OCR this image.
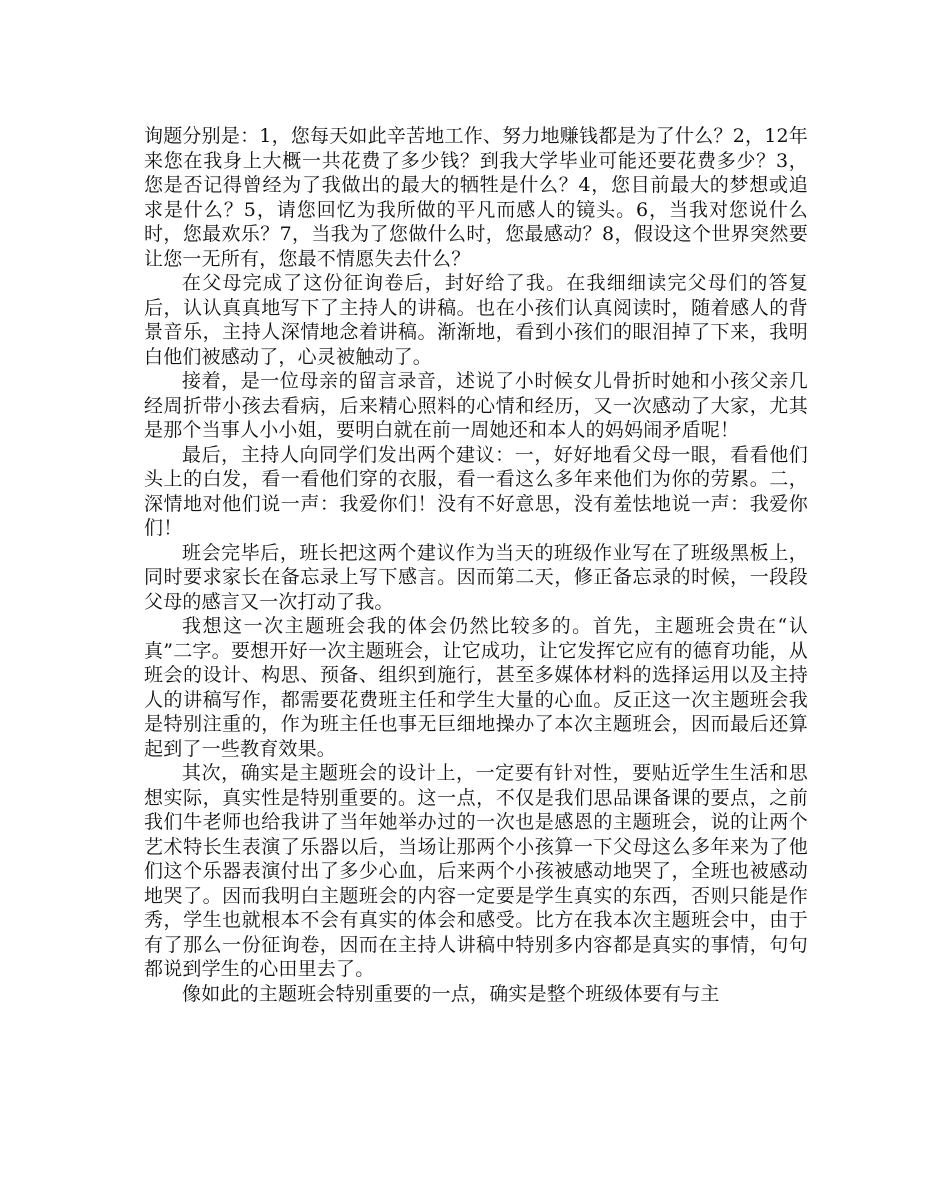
询题分别是：1，您每天如此辛苦地工作、努力地赚钱都是为了什么？2，12年来您在我身上大概一共花费了多少钱？到我大学毕业可能还要花费多少？3，您是否记得曾经为了我做出的最大的牺牲是什么？4，您目前最大的梦想或追求是什么？5，请您回忆为我所做的平凡而感人的镜头。6，当我对您说什么时，您最欢乐？7，当我为了您做什么时，您最感动？8，假设这个世界突然要让您一无所有，您最不情愿失去什么？

在父母完成了这份征询卷后，封好给了我。在我细细读完父母们的答复后，认认真真地写下了主持人的讲稿。也在小孩们认真阅读时，随着感人的背景音乐，主持人深情地念着讲稿。渐渐地，看到小孩们的眼泪掉了下来，我明白他们被感动了，心灵被触动了。

接着，是一位母亲的留言录音，述说了小时候女儿骨折时她和小孩父亲几经周折带小孩去看病，后来精心照料的心情和经历，又一次感动了大家，尤其是那个当事人小小姐，要明白就在前一周她还和本人的妈妈闹矛盾呢！

最后，主持人向同学们发出两个建议：一，好好地看父母一眼，看看他们头上的白发，看一看他们穿的衣服，看一看这么多年来他们为你的劳累。二，深情地对他们说一声：我爱你们！没有不好意思，没有羞怯地说一声：我爱你们！

班会完毕后，班长把这两个建议作为当天的班级作业写在了班级黑板上，同时要求家长在备忘录上写下感言。因而第二天，修正备忘录的时候，一段段父母的感言又一次打动了我。

我想这一次主题班会我的体会仍然比较多的。首先，主题班会贵在“认真”二字。要想开好一次主题班会，让它成功，让它发挥它应有的德育功能，从班会的设计、构思、预备、组织到施行，甚至多媒体材料的选择运用以及主持人的讲稿写作，都需要花费班主任和学生大量的心血。反正这一次主题班会我是特别注重的，作为班主任也事无巨细地操办了本次主题班会，因而最后还算起到了一些教育效果。

其次，确实是主题班会的设计上，一定要有针对性，要贴近学生生活和思想实际，真实性是特别重要的。这一点，不仅是我们思品课备课的要点，之前我们牛老师也给我讲了当年她举办过的一次也是感恩的主题班会，说的让两个艺术特长生表演了乐器以后，当场让那两个小孩算一下父母这么多年来为了他们这个乐器表演付出了多少心血，后来两个小孩被感动地哭了，全班也被感动地哭了。因而我明白主题班会的内容一定要是学生真实的东西，否则只能是作秀，学生也就根本不会有真实的体会和感受。比方在我本次主题班会中，由于有了那么一份征询卷，因而在主持人讲稿中特别多内容都是真实的事情，句句都说到学生的心田里去了。

像如此的主题班会特别重要的一点，确实是整个班级体要有与主
